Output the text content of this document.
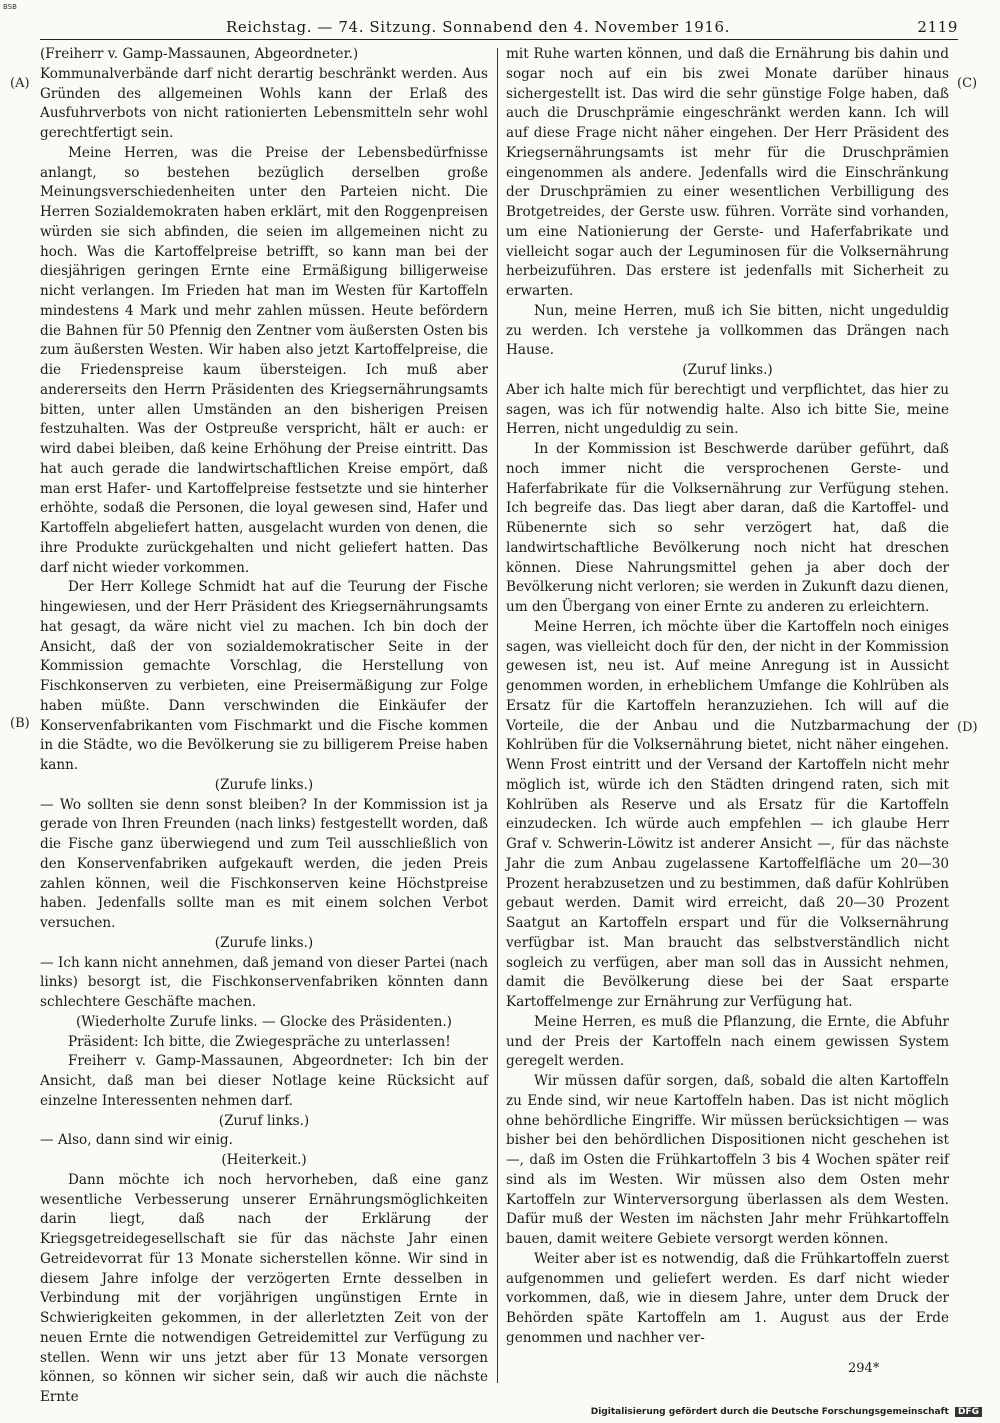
BSB
Reichstag. — 74. Sitzung. Sonnabend den 4. November 1916.	2119
(A)
(B)
(C)
(D)

(Freiherr v. Gamp-Massaunen, Abgeordneter.)

Kommunalverbände darf nicht derartig beschränkt werden. Aus Gründen des allgemeinen Wohls kann der Erlaß des Ausfuhrverbots von nicht rationierten Lebensmitteln sehr wohl gerechtfertigt sein.

Meine Herren, was die Preise der Lebensbedürfnisse anlangt, so bestehen bezüglich derselben große Meinungsverschiedenheiten unter den Parteien nicht. Die Herren Sozialdemokraten haben erklärt, mit den Roggenpreisen würden sie sich abfinden, die seien im allgemeinen nicht zu hoch. Was die Kartoffelpreise betrifft, so kann man bei der diesjährigen geringen Ernte eine Ermäßigung billigerweise nicht verlangen. Im Frieden hat man im Westen für Kartoffeln mindestens 4 Mark und mehr zahlen müssen. Heute befördern die Bahnen für 50 Pfennig den Zentner vom äußersten Osten bis zum äußersten Westen. Wir haben also jetzt Kartoffelpreise, die die Friedenspreise kaum übersteigen. Ich muß aber andererseits den Herrn Präsidenten des Kriegsernährungsamts bitten, unter allen Umständen an den bisherigen Preisen festzuhalten. Was der Ostpreuße verspricht, hält er auch: er wird dabei bleiben, daß keine Erhöhung der Preise eintritt. Das hat auch gerade die landwirtschaftlichen Kreise empört, daß man erst Hafer- und Kartoffelpreise festsetzte und sie hinterher erhöhte, sodaß die Personen, die loyal gewesen sind, Hafer und Kartoffeln abgeliefert hatten, ausgelacht wurden von denen, die ihre Produkte zurückgehalten und nicht geliefert hatten. Das darf nicht wieder vorkommen.

Der Herr Kollege Schmidt hat auf die Teurung der Fische hingewiesen, und der Herr Präsident des Kriegsernährungsamts hat gesagt, da wäre nicht viel zu machen. Ich bin doch der Ansicht, daß der von sozialdemokratischer Seite in der Kommission gemachte Vorschlag, die Herstellung von Fischkonserven zu verbieten, eine Preisermäßigung zur Folge haben müßte. Dann verschwinden die Einkäufer der Konservenfabrikanten vom Fischmarkt und die Fische kommen in die Städte, wo die Bevölkerung sie zu billigerem Preise haben kann.

(Zurufe links.)

— Wo sollten sie denn sonst bleiben? In der Kommission ist ja gerade von Ihren Freunden (nach links) festgestellt worden, daß die Fische ganz überwiegend und zum Teil ausschließlich von den Konservenfabriken aufgekauft werden, die jeden Preis zahlen können, weil die Fischkonserven keine Höchstpreise haben. Jedenfalls sollte man es mit einem solchen Verbot versuchen.

(Zurufe links.)

— Ich kann nicht annehmen, daß jemand von dieser Partei (nach links) besorgt ist, die Fischkonservenfabriken könnten dann schlechtere Geschäfte machen.

(Wiederholte Zurufe links. — Glocke des Präsidenten.)

Präsident: Ich bitte, die Zwiegespräche zu unterlassen!

Freiherr v. Gamp-Massaunen, Abgeordneter: Ich bin der Ansicht, daß man bei dieser Notlage keine Rücksicht auf einzelne Interessenten nehmen darf.

(Zuruf links.)

— Also, dann sind wir einig.

(Heiterkeit.)

Dann möchte ich noch hervorheben, daß eine ganz wesentliche Verbesserung unserer Ernährungsmöglichkeiten darin liegt, daß nach der Erklärung der Kriegsgetreidegesellschaft sie für das nächste Jahr einen Getreidevorrat für 13 Monate sicherstellen könne. Wir sind in diesem Jahre infolge der verzögerten Ernte desselben in Verbindung mit der vorjährigen ungünstigen Ernte in Schwierigkeiten gekommen, in der allerletzten Zeit von der neuen Ernte die notwendigen Getreidemittel zur Verfügung zu stellen. Wenn wir uns jetzt aber für 13 Monate versorgen können, so können wir sicher sein, daß wir auch die nächste Ernte

mit Ruhe warten können, und daß die Ernährung bis dahin und sogar noch auf ein bis zwei Monate darüber hinaus sichergestellt ist. Das wird die sehr günstige Folge haben, daß auch die Druschprämie eingeschränkt werden kann. Ich will auf diese Frage nicht näher eingehen. Der Herr Präsident des Kriegsernährungsamts ist mehr für die Druschprämien eingenommen als andere. Jedenfalls wird die Einschränkung der Druschprämien zu einer wesentlichen Verbilligung des Brotgetreides, der Gerste usw. führen. Vorräte sind vorhanden, um eine Nationierung der Gerste- und Haferfabrikate und vielleicht sogar auch der Leguminosen für die Volksernährung herbeizuführen. Das erstere ist jedenfalls mit Sicherheit zu erwarten.

Nun, meine Herren, muß ich Sie bitten, nicht ungeduldig zu werden. Ich verstehe ja vollkommen das Drängen nach Hause.

(Zuruf links.)

Aber ich halte mich für berechtigt und verpflichtet, das hier zu sagen, was ich für notwendig halte. Also ich bitte Sie, meine Herren, nicht ungeduldig zu sein.

In der Kommission ist Beschwerde darüber geführt, daß noch immer nicht die versprochenen Gerste- und Haferfabrikate für die Volksernährung zur Verfügung stehen. Ich begreife das. Das liegt aber daran, daß die Kartoffel- und Rübenernte sich so sehr verzögert hat, daß die landwirtschaftliche Bevölkerung noch nicht hat dreschen können. Diese Nahrungsmittel gehen ja aber doch der Bevölkerung nicht verloren; sie werden in Zukunft dazu dienen, um den Übergang von einer Ernte zu anderen zu erleichtern.

Meine Herren, ich möchte über die Kartoffeln noch einiges sagen, was vielleicht doch für den, der nicht in der Kommission gewesen ist, neu ist. Auf meine Anregung ist in Aussicht genommen worden, in erheblichem Umfange die Kohlrüben als Ersatz für die Kartoffeln heranzuziehen. Ich will auf die Vorteile, die der Anbau und die Nutzbarmachung der Kohlrüben für die Volksernährung bietet, nicht näher eingehen. Wenn Frost eintritt und der Versand der Kartoffeln nicht mehr möglich ist, würde ich den Städten dringend raten, sich mit Kohlrüben als Reserve und als Ersatz für die Kartoffeln einzudecken. Ich würde auch empfehlen — ich glaube Herr Graf v. Schwerin-Löwitz ist anderer Ansicht —, für das nächste Jahr die zum Anbau zugelassene Kartoffelfläche um 20—30 Prozent herabzusetzen und zu bestimmen, daß dafür Kohlrüben gebaut werden. Damit wird erreicht, daß 20—30 Prozent Saatgut an Kartoffeln erspart und für die Volksernährung verfügbar ist. Man braucht das selbstverständlich nicht sogleich zu verfügen, aber man soll das in Aussicht nehmen, damit die Bevölkerung diese bei der Saat ersparte Kartoffelmenge zur Ernährung zur Verfügung hat.

Meine Herren, es muß die Pflanzung, die Ernte, die Abfuhr und der Preis der Kartoffeln nach einem gewissen System geregelt werden.

Wir müssen dafür sorgen, daß, sobald die alten Kartoffeln zu Ende sind, wir neue Kartoffeln haben. Das ist nicht möglich ohne behördliche Eingriffe. Wir müssen berücksichtigen — was bisher bei den behördlichen Dispositionen nicht geschehen ist —, daß im Osten die Frühkartoffeln 3 bis 4 Wochen später reif sind als im Westen. Wir müssen also dem Osten mehr Kartoffeln zur Winterversorgung überlassen als dem Westen. Dafür muß der Westen im nächsten Jahr mehr Frühkartoffeln bauen, damit weitere Gebiete versorgt werden können.

Weiter aber ist es notwendig, daß die Frühkartoffeln zuerst aufgenommen und geliefert werden. Es darf nicht wieder vorkommen, daß, wie in diesem Jahre, unter dem Druck der Behörden späte Kartoffeln am 1. August aus der Erde genommen und nachher ver-

294*
Digitalisierung gefördert durch die Deutsche Forschungsgemeinschaft DFG
